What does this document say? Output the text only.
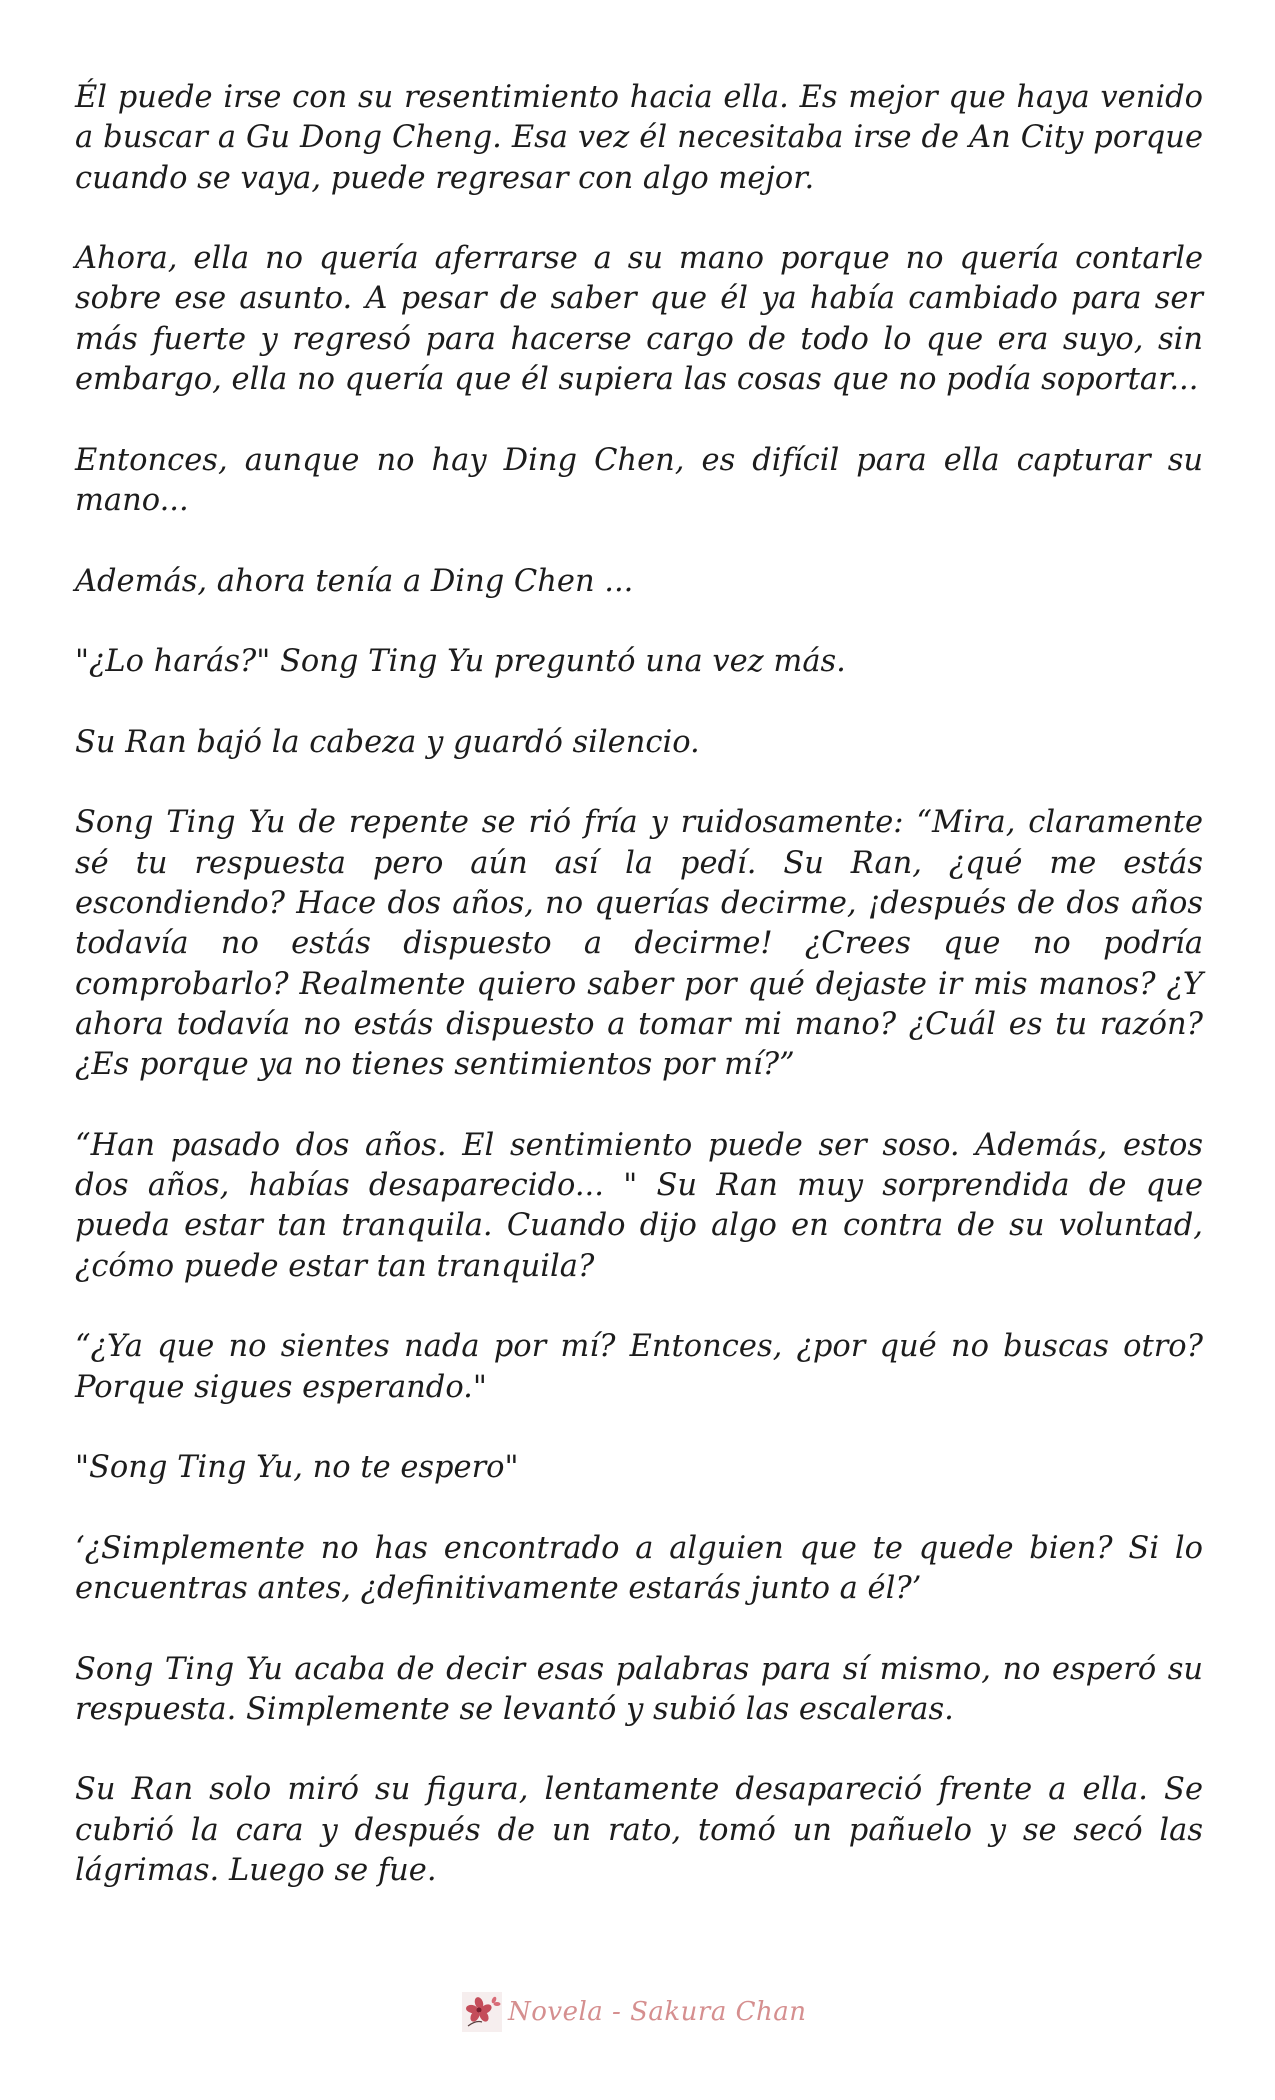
Él puede irse con su resentimiento hacia ella. Es mejor que haya venido a buscar a Gu Dong Cheng. Esa vez él necesitaba irse de An City porque cuando se vaya, puede regresar con algo mejor.

Ahora, ella no quería aferrarse a su mano porque no quería contarle sobre ese asunto. A pesar de saber que él ya había cambiado para ser más fuerte y regresó para hacerse cargo de todo lo que era suyo, sin embargo, ella no quería que él supiera las cosas que no podía soportar...

Entonces, aunque no hay Ding Chen, es difícil para ella capturar su mano...

Además, ahora tenía a Ding Chen ...

"¿Lo harás?" Song Ting Yu preguntó una vez más.

Su Ran bajó la cabeza y guardó silencio.

Song Ting Yu de repente se rió fría y ruidosamente: “Mira, claramente sé tu respuesta pero aún así la pedí. Su Ran, ¿qué me estás escondiendo? Hace dos años, no querías decirme, ¡después de dos años todavía no estás dispuesto a decirme! ¿Crees que no podría comprobarlo? Realmente quiero saber por qué dejaste ir mis manos? ¿Y ahora todavía no estás dispuesto a tomar mi mano? ¿Cuál es tu razón? ¿Es porque ya no tienes sentimientos por mí?”

“Han pasado dos años. El sentimiento puede ser soso. Además, estos dos años, habías desaparecido... " Su Ran muy sorprendida de que pueda estar tan tranquila. Cuando dijo algo en contra de su voluntad, ¿cómo puede estar tan tranquila?

“¿Ya que no sientes nada por mí? Entonces, ¿por qué no buscas otro? Porque sigues esperando."

"Song Ting Yu, no te espero"

‘¿Simplemente no has encontrado a alguien que te quede bien? Si lo encuentras antes, ¿definitivamente estarás junto a él?’

Song Ting Yu acaba de decir esas palabras para sí mismo, no esperó su respuesta. Simplemente se levantó y subió las escaleras.

Su Ran solo miró su figura, lentamente desapareció frente a ella. Se cubrió la cara y después de un rato, tomó un pañuelo y se secó las lágrimas. Luego se fue.

Novela - Sakura Chan
